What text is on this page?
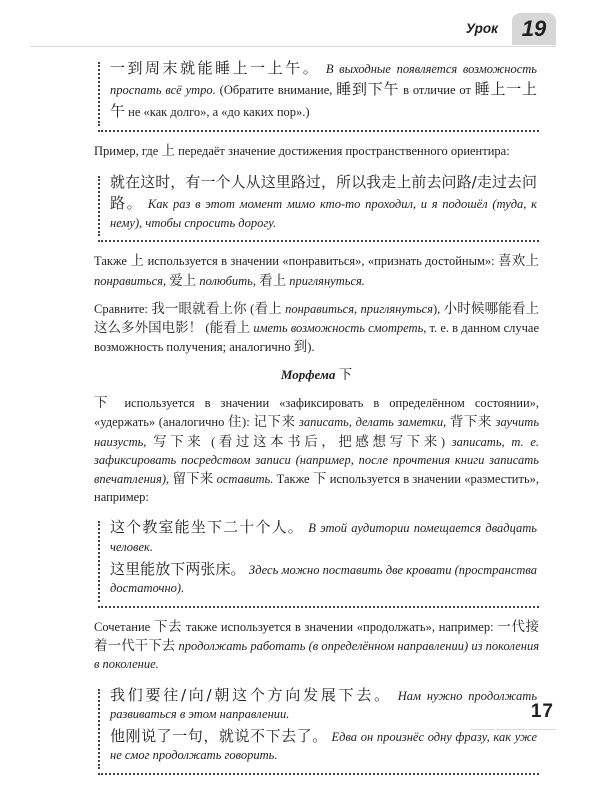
Урок	19
一到周末就能睡上一上午。 В выходные появляется возможность проспать всё утро. (Обратите внимание, 睡到下午 в отличие от 睡上一上午 не «как долго», а «до каких пор».)

Пример, где 上 передаёт значение достижения пространственного ориентира:

就在这时，有一个人从这里路过，所以我走上前去问路/走过去问路。 Как раз в этот момент мимо кто-то проходил, и я подошёл (туда, к нему), чтобы спросить дорогу.

Также 上 используется в значении «понравиться», «признать достойным»: 喜欢上 понравиться, 爱上 полюбить, 看上 приглянуться.

Сравните: 我一眼就看上你 (看上 понравиться, приглянуться), 小时候哪能看上这么多外国电影！ (能看上 иметь возможность смотреть, т. е. в данном случае возможность получения; аналогично 到).

Морфема 下

下 используется в значении «зафиксировать в определённом состоянии», «удержать» (аналогично 住): 记下来 записать, делать заметки, 背下来 заучить наизусть, 写下来 (看过这本书后，把感想写下来) записать, т. е. зафиксировать посредством записи (например, после прочтения книги записать впечатления), 留下来 оставить. Также 下 используется в значении «разместить», например:

这个教室能坐下二十个人。 В этой аудитории помещается двадцать человек.
这里能放下两张床。 Здесь можно поставить две кровати (пространства достаточно).

Сочетание 下去 также используется в значении «продолжать», например: 一代接着一代干下去 продолжать работать (в определённом направлении) из поколения в поколение.

我们要往/向/朝这个方向发展下去。 Нам нужно продолжать развиваться в этом направлении.
他刚说了一句，就说不下去了。 Едва он произнёс одну фразу, как уже не смог продолжать говорить.
17
